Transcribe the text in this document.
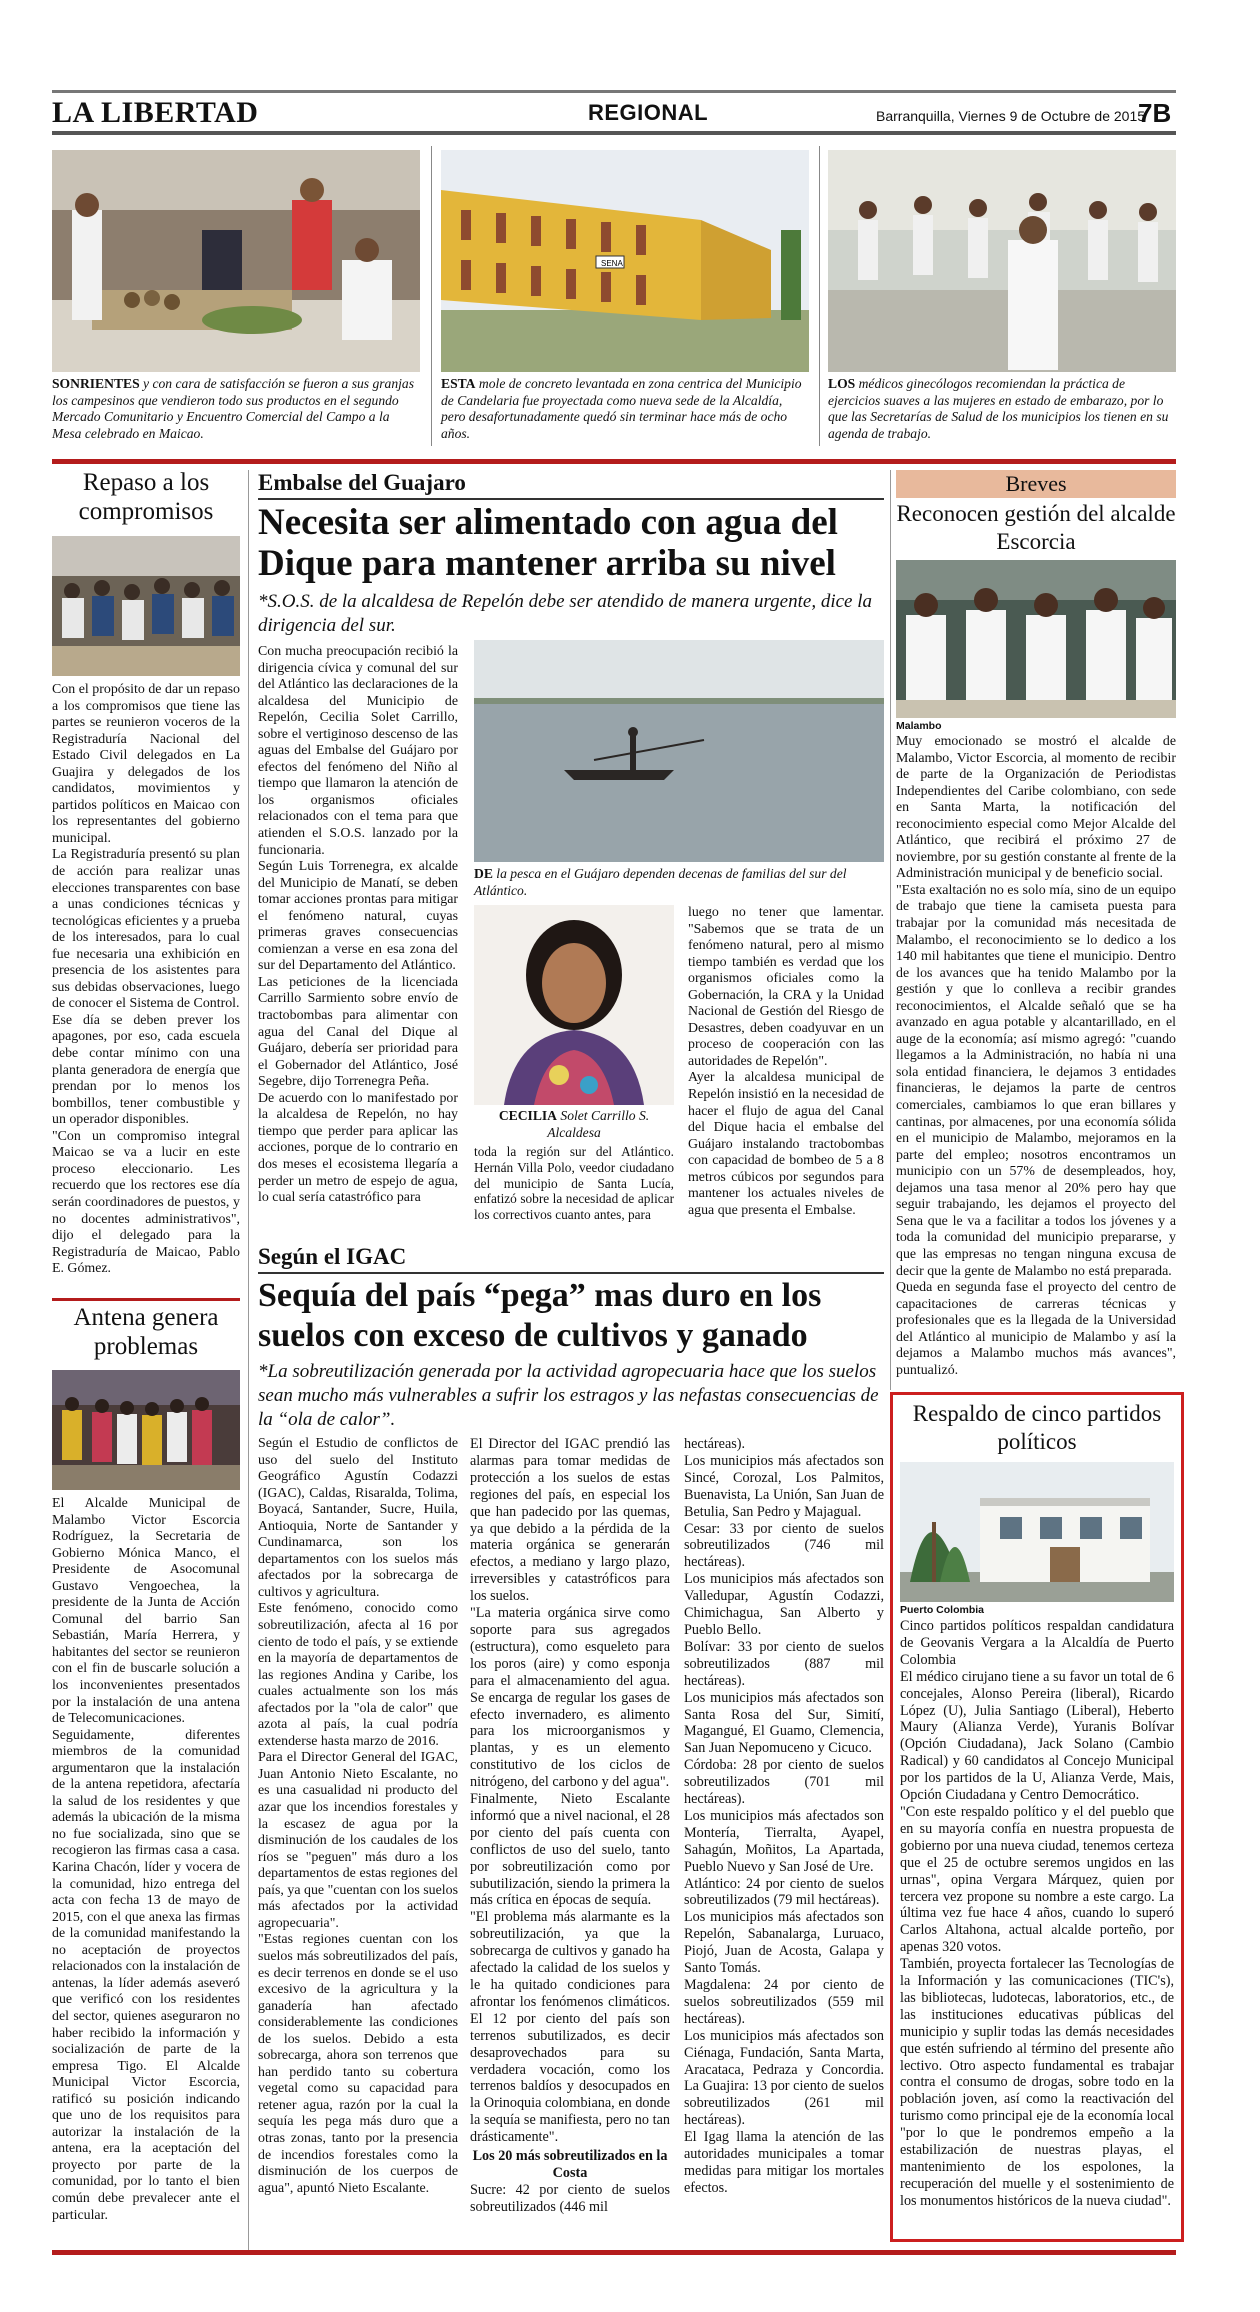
LA LIBERTAD	REGIONAL	Barranquilla, Viernes 9 de Octubre de 2015
7B
SENA
SONRIENTES y con cara de satisfacción se fueron a sus granjas los campesinos que vendieron todo sus productos en el segundo Mercado Comunitario y Encuentro Comercial del Campo a la Mesa celebrado en Maicao.
ESTA mole de concreto levantada en zona centrica del Municipio de Candelaria fue proyectada como nueva sede de la Alcaldía, pero desafortunadamente quedó sin terminar hace más de ocho años.
LOS médicos ginecólogos recomiendan la práctica de ejercicios suaves a las mujeres en estado de embarazo, por lo que las Secretarías de Salud de los municipios los tienen en su agenda de trabajo.
Repaso a los compromisos

Con el propósito de dar un repaso a los compromisos que tiene las partes se reunieron voceros de la Registraduría Nacional del Estado Civil delegados en La Guajira y delegados de los candidatos, movimientos y partidos políticos en Maicao con los representantes del gobierno municipal.

La Registraduría presentó su plan de acción para realizar unas elecciones transparentes con base a unas condiciones técnicas y tecnológicas eficientes y a prueba de los interesados, para lo cual fue necesaria una exhibición en presencia de los asistentes para sus debidas observaciones, luego de conocer el Sistema de Control.

Ese día se deben prever los apagones, por eso, cada escuela debe contar mínimo con una planta generadora de energía que prendan por lo menos los bombillos, tener combustible y un operador disponibles.

"Con un compromiso integral Maicao se va a lucir en este proceso eleccionario. Les recuerdo que los rectores ese día serán coordinadores de puestos, y no docentes administrativos", dijo el delegado para la Registraduría de Maicao, Pablo E. Gómez.

Antena genera problemas

El Alcalde Municipal de Malambo Victor Escorcia Rodríguez, la Secretaria de Gobierno Mónica Manco, el Presidente de Asocomunal Gustavo Vengoechea, la presidente de la Junta de Acción Comunal del barrio San Sebastián, María Herrera, y habitantes del sector se reunieron con el fin de buscarle solución a los inconvenientes presentados por la instalación de una antena de Telecomunicaciones.

Seguidamente, diferentes miembros de la comunidad argumentaron que la instalación de la antena repetidora, afectaría la salud de los residentes y que además la ubicación de la misma no fue socializada, sino que se recogieron las firmas casa a casa. Karina Chacón, líder y vocera de la comunidad, hizo entrega del acta con fecha 13 de mayo de 2015, con el que anexa las firmas de la comunidad manifestando la no aceptación de proyectos relacionados con la instalación de antenas, la líder además aseveró que verificó con los residentes del sector, quienes aseguraron no haber recibido la información y socialización de parte de la empresa Tigo. El Alcalde Municipal Victor Escorcia, ratificó su posición indicando que uno de los requisitos para autorizar la instalación de la antena, era la aceptación del proyecto por parte de la comunidad, por lo tanto el bien común debe prevalecer ante el particular.

Embalse del Guajaro
Necesita ser alimentado con agua del Dique para mantener arriba su nivel
*S.O.S. de la alcaldesa de Repelón debe ser atendido de manera urgente, dice la dirigencia del sur.

Con mucha preocupación recibió la dirigencia cívica y comunal del sur del Atlántico las declaraciones de la alcaldesa del Municipio de Repelón, Cecilia Solet Carrillo, sobre el vertiginoso descenso de las aguas del Embalse del Guájaro por efectos del fenómeno del Niño al tiempo que llamaron la atención de los organismos oficiales relacionados con el tema para que atienden el S.O.S. lanzado por la funcionaria.

Según Luis Torrenegra, ex alcalde del Municipio de Manatí, se deben tomar acciones prontas para mitigar el fenómeno natural, cuyas primeras graves consecuencias comienzan a verse en esa zona del sur del Departamento del Atlántico.

Las peticiones de la licenciada Carrillo Sarmiento sobre envío de tractobombas para alimentar con agua del Canal del Dique al Guájaro, debería ser prioridad para el Gobernador del Atlántico, José Segebre, dijo Torrenegra Peña.

De acuerdo con lo manifestado por la alcaldesa de Repelón, no hay tiempo que perder para aplicar las acciones, porque de lo contrario en dos meses el ecosistema llegaría a perder un metro de espejo de agua, lo cual sería catastrófico para

DE la pesca en el Guájaro dependen decenas de familias del sur del Atlántico.
CECILIA Solet Carrillo S.
Alcaldesa
toda la región sur del Atlántico. Hernán Villa Polo, veedor ciudadano del municipio de Santa Lucía, enfatizó sobre la necesidad de aplicar los correctivos cuanto antes, para

luego no tener que lamentar. "Sabemos que se trata de un fenómeno natural, pero al mismo tiempo también es verdad que los organismos oficiales como la Gobernación, la CRA y la Unidad Nacional de Gestión del Riesgo de Desastres, deben coadyuvar en un proceso de cooperación con las autoridades de Repelón".

Ayer la alcaldesa municipal de Repelón insistió en la necesidad de hacer el flujo de agua del Canal del Dique hacia el embalse del Guájaro instalando tractobombas con capacidad de bombeo de 5 a 8 metros cúbicos por segundos para mantener los actuales niveles de agua que presenta el Embalse.

Según el IGAC
Sequía del país “pega” mas duro en los suelos con exceso de cultivos y ganado
*La sobreutilización generada por la actividad agropecuaria hace que los suelos sean mucho más vulnerables a sufrir los estragos y las nefastas consecuencias de la “ola de calor”.

Según el Estudio de conflictos de uso del suelo del Instituto Geográfico Agustín Codazzi (IGAC), Caldas, Risaralda, Tolima, Boyacá, Santander, Sucre, Huila, Antioquia, Norte de Santander y Cundinamarca, son los departamentos con los suelos más afectados por la sobrecarga de cultivos y agricultura.

Este fenómeno, conocido como sobreutilización, afecta al 16 por ciento de todo el país, y se extiende en la mayoría de departamentos de las regiones Andina y Caribe, los cuales actualmente son los más afectados por la "ola de calor" que azota al país, la cual podría extenderse hasta marzo de 2016.

Para el Director General del IGAC, Juan Antonio Nieto Escalante, no es una casualidad ni producto del azar que los incendios forestales y la escasez de agua por la disminución de los caudales de los ríos se "peguen" más duro a los departamentos de estas regiones del país, ya que "cuentan con los suelos más afectados por la actividad agropecuaria".

"Estas regiones cuentan con los suelos más sobreutilizados del país, es decir terrenos en donde se el uso excesivo de la agricultura y la ganadería han afectado considerablemente las condiciones de los suelos. Debido a esta sobrecarga, ahora son terrenos que han perdido tanto su cobertura vegetal como su capacidad para retener agua, razón por la cual la sequía les pega más duro que a otras zonas, tanto por la presencia de incendios forestales como la disminución de los cuerpos de agua", apuntó Nieto Escalante.

El Director del IGAC prendió las alarmas para tomar medidas de protección a los suelos de estas regiones del país, en especial los que han padecido por las quemas, ya que debido a la pérdida de la materia orgánica se generarán efectos, a mediano y largo plazo, irreversibles y catastróficos para los suelos.

"La materia orgánica sirve como soporte para sus agregados (estructura), como esqueleto para los poros (aire) y como esponja para el almacenamiento del agua. Se encarga de regular los gases de efecto invernadero, es alimento para los microorganismos y plantas, y es un elemento constitutivo de los ciclos de nitrógeno, del carbono y del agua".

Finalmente, Nieto Escalante informó que a nivel nacional, el 28 por ciento del país cuenta con conflictos de uso del suelo, tanto por sobreutilización como por subutilización, siendo la primera la más crítica en épocas de sequía.

"El problema más alarmante es la sobreutilización, ya que la sobrecarga de cultivos y ganado ha afectado la calidad de los suelos y le ha quitado condiciones para afrontar los fenómenos climáticos. El 12 por ciento del país son terrenos subutilizados, es decir desaprovechados para su verdadera vocación, como los terrenos baldíos y desocupados en la Orinoquia colombiana, en donde la sequía se manifiesta, pero no tan drásticamente".

Los 20 más sobreutilizados en la Costa

Sucre: 42 por ciento de suelos sobreutilizados (446 mil

hectáreas).

Los municipios más afectados son Sincé, Corozal, Los Palmitos, Buenavista, La Unión, San Juan de Betulia, San Pedro y Majagual.

Cesar: 33 por ciento de suelos sobreutilizados (746 mil hectáreas).

Los municipios más afectados son Valledupar, Agustín Codazzi, Chimichagua, San Alberto y Pueblo Bello.

Bolívar: 33 por ciento de suelos sobreutilizados (887 mil hectáreas).

Los municipios más afectados son Santa Rosa del Sur, Simití, Magangué, El Guamo, Clemencia, San Juan Nepomuceno y Cicuco.

Córdoba: 28 por ciento de suelos sobreutilizados (701 mil hectáreas).

Los municipios más afectados son Montería, Tierralta, Ayapel, Sahagún, Moñitos, La Apartada, Pueblo Nuevo y San José de Ure.

Atlántico: 24 por ciento de suelos sobreutilizados (79 mil hectáreas).

Los municipios más afectados son Repelón, Sabanalarga, Luruaco, Piojó, Juan de Acosta, Galapa y Santo Tomás.

Magdalena: 24 por ciento de suelos sobreutilizados (559 mil hectáreas).

Los municipios más afectados son Ciénaga, Fundación, Santa Marta, Aracataca, Pedraza y Concordia. La Guajira: 13 por ciento de suelos sobreutilizados (261 mil hectáreas).

El Igag llama la atención de las autoridades municipales a tomar medidas para mitigar los mortales efectos.

Breves
Reconocen gestión del alcalde Escorcia
Malambo

Muy emocionado se mostró el alcalde de Malambo, Victor Escorcia, al momento de recibir de parte de la Organización de Periodistas Independientes del Caribe colombiano, con sede en Santa Marta, la notificación del reconocimiento especial como Mejor Alcalde del Atlántico, que recibirá el próximo 27 de noviembre, por su gestión constante al frente de la Administración municipal y de beneficio social.

"Esta exaltación no es solo mía, sino de un equipo de trabajo que tiene la camiseta puesta para trabajar por la comunidad más necesitada de Malambo, el reconocimiento se lo dedico a los 140 mil habitantes que tiene el municipio. Dentro de los avances que ha tenido Malambo por la gestión y que lo conlleva a recibir grandes reconocimientos, el Alcalde señaló que se ha avanzado en agua potable y alcantarillado, en el auge de la economía; así mismo agregó: "cuando llegamos a la Administración, no había ni una sola entidad financiera, le dejamos 3 entidades financieras, le dejamos la parte de centros comerciales, cambiamos lo que eran billares y cantinas, por almacenes, por una economía sólida en el municipio de Malambo, mejoramos en la parte del empleo; nosotros encontramos un municipio con un 57% de desempleados, hoy, dejamos una tasa menor al 20% pero hay que seguir trabajando, les dejamos el proyecto del Sena que le va a facilitar a todos los jóvenes y a toda la comunidad del municipio prepararse, y que las empresas no tengan ninguna excusa de decir que la gente de Malambo no está preparada.

Queda en segunda fase el proyecto del centro de capacitaciones de carreras técnicas y profesionales que es la llegada de la Universidad del Atlántico al municipio de Malambo y así la dejamos a Malambo muchos más avances", puntualizó.

Respaldo de cinco partidos políticos
Puerto Colombia

Cinco partidos políticos respaldan candidatura de Geovanis Vergara a la Alcaldía de Puerto Colombia

El médico cirujano tiene a su favor un total de 6 concejales, Alonso Pereira (liberal), Ricardo López (U), Julia Santiago (Liberal), Heberto Maury (Alianza Verde), Yuranis Bolívar (Opción Ciudadana), Jack Solano (Cambio Radical) y 60 candidatos al Concejo Municipal por los partidos de la U, Alianza Verde, Mais, Opción Ciudadana y Centro Democrático.

"Con este respaldo político y el del pueblo que en su mayoría confía en nuestra propuesta de gobierno por una nueva ciudad, tenemos certeza que el 25 de octubre seremos ungidos en las urnas", opina Vergara Márquez, quien por tercera vez propone su nombre a este cargo. La última vez fue hace 4 años, cuando lo superó Carlos Altahona, actual alcalde porteño, por apenas 320 votos.

También, proyecta fortalecer las Tecnologías de la Información y las comunicaciones (TIC's), las bibliotecas, ludotecas, laboratorios, etc., de las instituciones educativas públicas del municipio y suplir todas las demás necesidades que estén sufriendo al término del presente año lectivo. Otro aspecto fundamental es trabajar contra el consumo de drogas, sobre todo en la población joven, así como la reactivación del turismo como principal eje de la economía local "por lo que le pondremos empeño a la estabilización de nuestras playas, el mantenimiento de los espolones, la recuperación del muelle y el sostenimiento de los monumentos históricos de la nueva ciudad".
